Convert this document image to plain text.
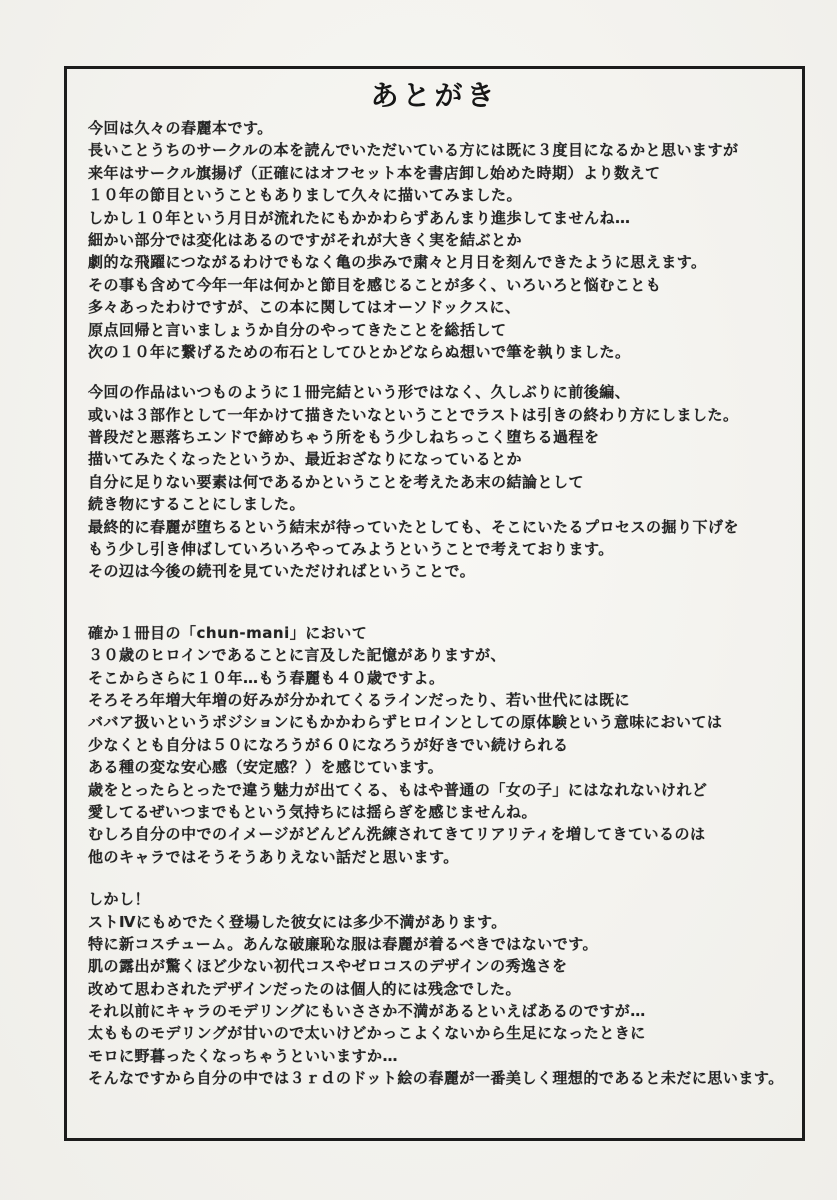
あとがき
今回は久々の春麗本です。
長いことうちのサークルの本を読んでいただいている方には既に３度目になるかと思いますが
来年はサークル旗揚げ（正確にはオフセット本を書店卸し始めた時期）より数えて
１０年の節目ということもありまして久々に描いてみました。
しかし１０年という月日が流れたにもかかわらずあんまり進歩してませんね…
細かい部分では変化はあるのですがそれが大きく実を結ぶとか
劇的な飛躍につながるわけでもなく亀の歩みで粛々と月日を刻んできたように思えます。
その事も含めて今年一年は何かと節目を感じることが多く、いろいろと悩むことも
多々あったわけですが、この本に関してはオーソドックスに、
原点回帰と言いましょうか自分のやってきたことを総括して
次の１０年に繋げるための布石としてひとかどならぬ想いで筆を執りました。
今回の作品はいつものように１冊完結という形ではなく、久しぶりに前後編、
或いは３部作として一年かけて描きたいなということでラストは引きの終わり方にしました。
普段だと悪落ちエンドで締めちゃう所をもう少しねちっこく堕ちる過程を
描いてみたくなったというか、最近おざなりになっているとか
自分に足りない要素は何であるかということを考えたあ末の結論として
続き物にすることにしました。
最終的に春麗が堕ちるという結末が待っていたとしても、そこにいたるプロセスの掘り下げを
もう少し引き伸ばしていろいろやってみようということで考えております。
その辺は今後の続刊を見ていただければということで。
確か１冊目の「chun-mani」において
３０歳のヒロインであることに言及した記憶がありますが、
そこからさらに１０年…もう春麗も４０歳ですよ。
そろそろ年増大年増の好みが分かれてくるラインだったり、若い世代には既に
ババア扱いというポジションにもかかわらずヒロインとしての原体験という意味においては
少なくとも自分は５０になろうが６０になろうが好きでい続けられる
ある種の変な安心感（安定感？）を感じています。
歳をとったらとったで違う魅力が出てくる、もはや普通の「女の子」にはなれないけれど
愛してるぜいつまでもという気持ちには揺らぎを感じませんね。
むしろ自分の中でのイメージがどんどん洗練されてきてリアリティを増してきているのは
他のキャラではそうそうありえない話だと思います。
しかし！
ストⅣにもめでたく登場した彼女には多少不満があります。
特に新コスチューム。あんな破廉恥な服は春麗が着るべきではないです。
肌の露出が驚くほど少ない初代コスやゼロコスのデザインの秀逸さを
改めて思わされたデザインだったのは個人的には残念でした。
それ以前にキャラのモデリングにもいささか不満があるといえばあるのですが…
太もものモデリングが甘いので太いけどかっこよくないから生足になったときに
モロに野暮ったくなっちゃうといいますか…
そんなですから自分の中では３ｒｄのドット絵の春麗が一番美しく理想的であると未だに思います。
